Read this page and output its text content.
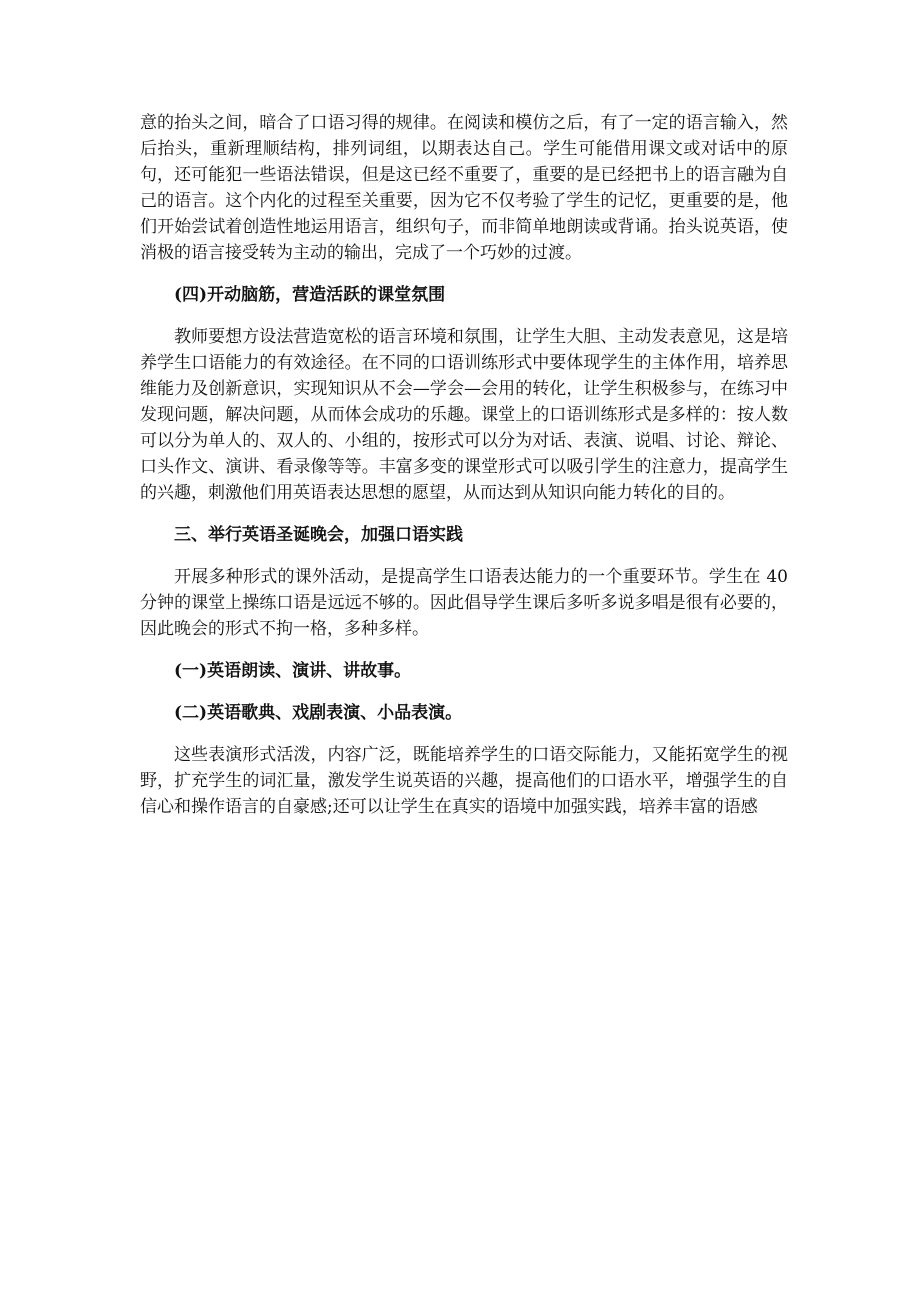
意的抬头之间，暗合了口语习得的规律。在阅读和模仿之后，有了一定的语言输入，然后抬头，重新理顺结构，排列词组，以期表达自己。学生可能借用课文或对话中的原句，还可能犯一些语法错误，但是这已经不重要了，重要的是已经把书上的语言融为自己的语言。这个内化的过程至关重要，因为它不仅考验了学生的记忆，更重要的是，他们开始尝试着创造性地运用语言，组织句子，而非简单地朗读或背诵。抬头说英语，使消极的语言接受转为主动的输出，完成了一个巧妙的过渡。

(四)开动脑筋，营造活跃的课堂氛围

教师要想方设法营造宽松的语言环境和氛围，让学生大胆、主动发表意见，这是培养学生口语能力的有效途径。在不同的口语训练形式中要体现学生的主体作用，培养思维能力及创新意识，实现知识从不会—学会—会用的转化，让学生积极参与，在练习中发现问题，解决问题，从而体会成功的乐趣。课堂上的口语训练形式是多样的：按人数可以分为单人的、双人的、小组的，按形式可以分为对话、表演、说唱、讨论、辩论、口头作文、演讲、看录像等等。丰富多变的课堂形式可以吸引学生的注意力，提高学生的兴趣，刺激他们用英语表达思想的愿望，从而达到从知识向能力转化的目的。

三、举行英语圣诞晚会，加强口语实践

开展多种形式的课外活动，是提高学生口语表达能力的一个重要环节。学生在 40 分钟的课堂上操练口语是远远不够的。因此倡导学生课后多听多说多唱是很有必要的，因此晚会的形式不拘一格，多种多样。

(一)英语朗读、演讲、讲故事。

(二)英语歌典、戏剧表演、小品表演。

这些表演形式活泼，内容广泛，既能培养学生的口语交际能力，又能拓宽学生的视野，扩充学生的词汇量，激发学生说英语的兴趣，提高他们的口语水平，增强学生的自信心和操作语言的自豪感;还可以让学生在真实的语境中加强实践，培养丰富的语感
